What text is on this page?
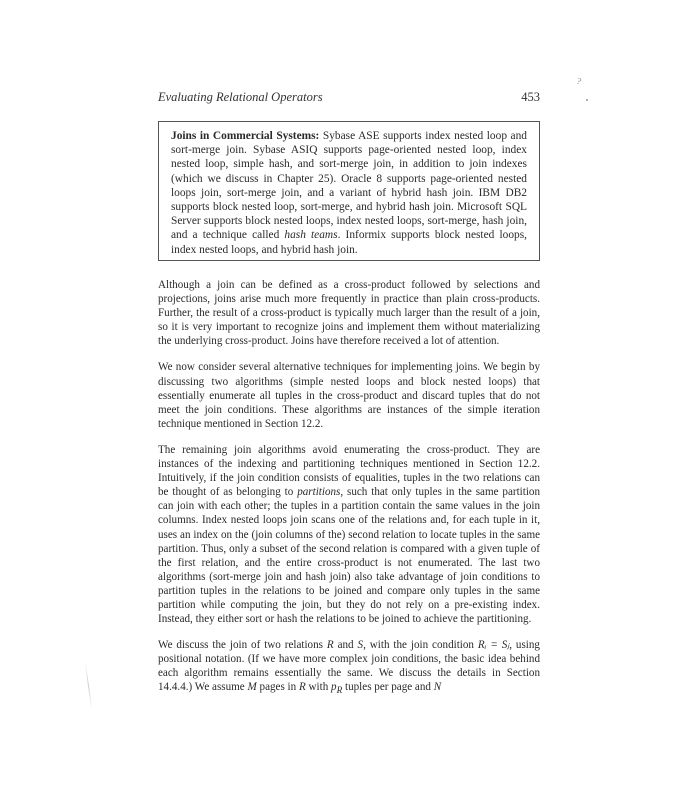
Evaluating Relational Operators	453
?
Joins in Commercial Systems: Sybase ASE supports index nested loop and sort-merge join. Sybase ASIQ supports page-oriented nested loop, index nested loop, simple hash, and sort-merge join, in addition to join indexes (which we discuss in Chapter 25). Oracle 8 supports page-oriented nested loops join, sort-merge join, and a variant of hybrid hash join. IBM DB2 supports block nested loop, sort-merge, and hybrid hash join. Microsoft SQL Server supports block nested loops, index nested loops, sort-merge, hash join, and a technique called hash teams. Informix supports block nested loops, index nested loops, and hybrid hash join.

Although a join can be defined as a cross-product followed by selections and projections, joins arise much more frequently in practice than plain cross-products. Further, the result of a cross-product is typically much larger than the result of a join, so it is very important to recognize joins and implement them without materializing the underlying cross-product. Joins have therefore received a lot of attention.

We now consider several alternative techniques for implementing joins. We begin by discussing two algorithms (simple nested loops and block nested loops) that essentially enumerate all tuples in the cross-product and discard tuples that do not meet the join conditions. These algorithms are instances of the simple iteration technique mentioned in Section 12.2.

The remaining join algorithms avoid enumerating the cross-product. They are instances of the indexing and partitioning techniques mentioned in Section 12.2. Intuitively, if the join condition consists of equalities, tuples in the two relations can be thought of as belonging to partitions, such that only tuples in the same partition can join with each other; the tuples in a partition contain the same values in the join columns. Index nested loops join scans one of the relations and, for each tuple in it, uses an index on the (join columns of the) second relation to locate tuples in the same partition. Thus, only a subset of the second relation is compared with a given tuple of the first relation, and the entire cross-product is not enumerated. The last two algorithms (sort-merge join and hash join) also take advantage of join conditions to partition tuples in the relations to be joined and compare only tuples in the same partition while computing the join, but they do not rely on a pre-existing index. Instead, they either sort or hash the relations to be joined to achieve the partitioning.

We discuss the join of two relations R and S, with the join condition Rᵢ = Sⱼ, using positional notation. (If we have more complex join conditions, the basic idea behind each algorithm remains essentially the same. We discuss the details in Section 14.4.4.) We assume M pages in R with $p_R$ tuples per page and N
